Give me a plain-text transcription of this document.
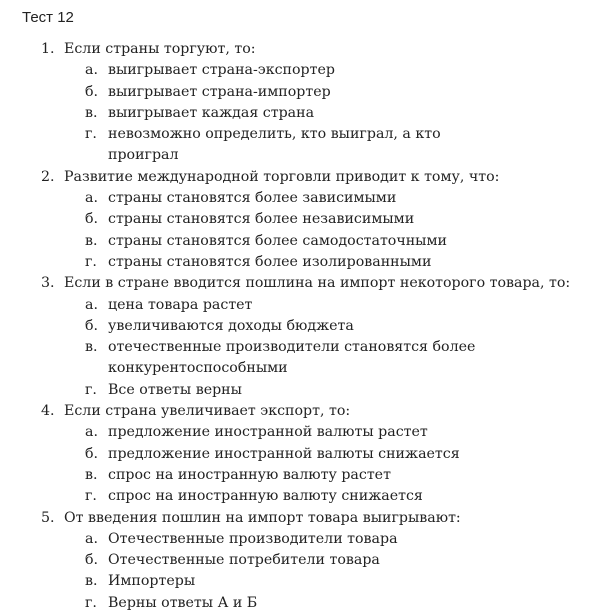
Тест 12
1. Если страны торгуют, то:
а. выигрывает страна-экспортер
б. выигрывает страна-импортер
в. выигрывает каждая страна
г. невозможно определить, кто выиграл, а кто проиграл
2. Развитие международной торговли приводит к тому, что:
а. страны становятся более зависимыми
б. страны становятся более независимыми
в. страны становятся более самодостаточными
г. страны становятся более изолированными
3. Если в стране вводится пошлина на импорт некоторого товара, то:
а. цена товара растет
б. увеличиваются доходы бюджета
в. отечественные производители становятся более конкурентоспособными
г. Все ответы верны
4. Если страна увеличивает экспорт, то:
а. предложение иностранной валюты растет
б. предложение иностранной валюты снижается
в. спрос на иностранную валюту растет
г. спрос на иностранную валюту снижается
5. От введения пошлин на импорт товара выигрывают:
а. Отечественные производители товара
б. Отечественные потребители товара
в. Импортеры
г. Верны ответы А и Б
